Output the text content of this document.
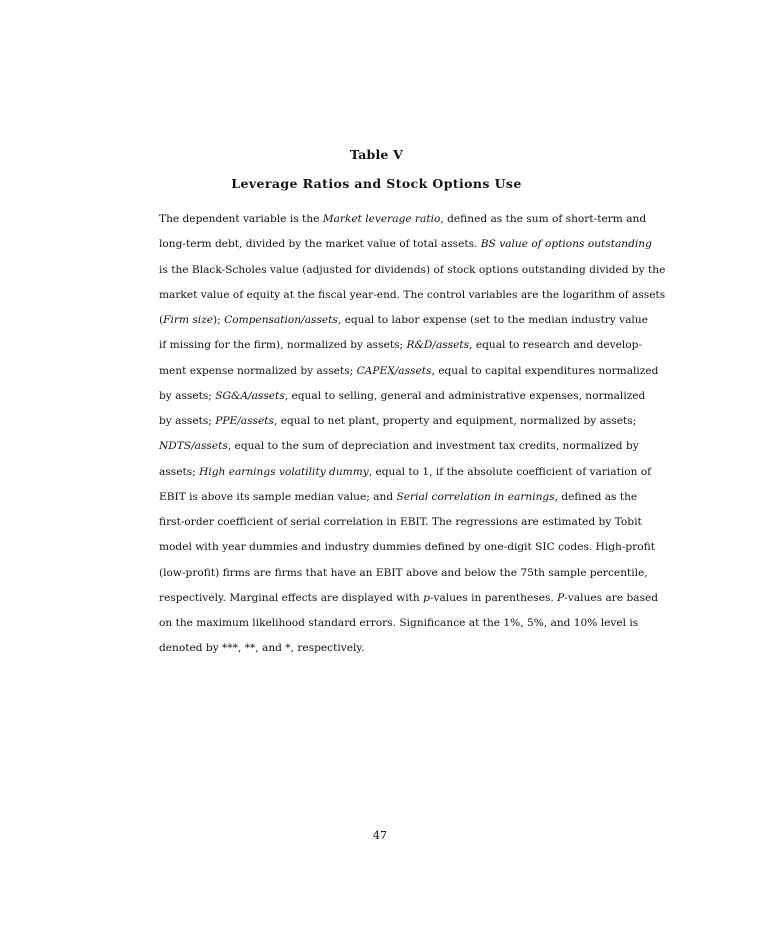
Table V
Leverage Ratios and Stock Options Use
The dependent variable is the Market leverage ratio, defined as the sum of short-term and
long-term debt, divided by the market value of total assets. BS value of options outstanding
is the Black-Scholes value (adjusted for dividends) of stock options outstanding divided by the
market value of equity at the fiscal year-end. The control variables are the logarithm of assets
(Firm size); Compensation/assets, equal to labor expense (set to the median industry value
if missing for the firm), normalized by assets; R&D/assets, equal to research and develop-
ment expense normalized by assets; CAPEX/assets, equal to capital expenditures normalized
by assets; SG&A/assets, equal to selling, general and administrative expenses, normalized
by assets; PPE/assets, equal to net plant, property and equipment, normalized by assets;
NDTS/assets, equal to the sum of depreciation and investment tax credits, normalized by
assets; High earnings volatility dummy, equal to 1, if the absolute coefficient of variation of
EBIT is above its sample median value; and Serial correlation in earnings, defined as the
first-order coefficient of serial correlation in EBIT. The regressions are estimated by Tobit
model with year dummies and industry dummies defined by one-digit SIC codes. High-profit
(low-profit) firms are firms that have an EBIT above and below the 75th sample percentile,
respectively. Marginal effects are displayed with p-values in parentheses. P-values are based
on the maximum likelihood standard errors. Significance at the 1%, 5%, and 10% level is
denoted by ***, **, and *, respectively.
47
